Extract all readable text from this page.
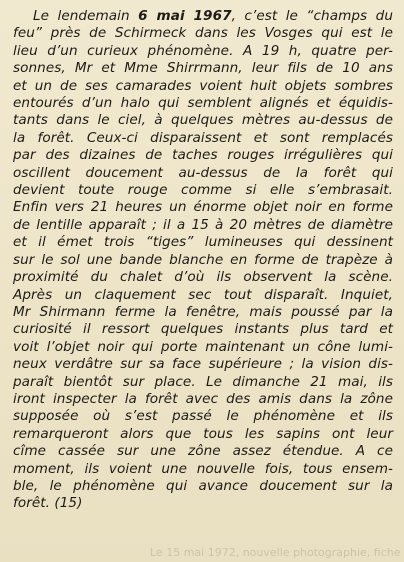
Le lendemain 6 mai 1967, c’est le “champs du
feu” près de Schirmeck dans les Vosges qui est le
lieu d’un curieux phénomène. A 19 h, quatre per-
sonnes, Mr et Mme Shirrmann, leur fils de 10 ans
et un de ses camarades voient huit objets sombres
entourés d’un halo qui semblent alignés et équidis-
tants dans le ciel, à quelques mètres au-dessus de
la forêt. Ceux-ci disparaissent et sont remplacés
par des dizaines de taches rouges irrégulières qui
oscillent doucement au-dessus de la forêt qui
devient toute rouge comme si elle s’embrasait.
Enfin vers 21 heures un énorme objet noir en forme
de lentille apparaît ; il a 15 à 20 mètres de diamètre
et il émet trois “tiges” lumineuses qui dessinent
sur le sol une bande blanche en forme de trapèze à
proximité du chalet d’où ils observent la scène.
Après un claquement sec tout disparaît. Inquiet,
Mr Shirmann ferme la fenêtre, mais poussé par la
curiosité il ressort quelques instants plus tard et
voit l’objet noir qui porte maintenant un cône lumi-
neux verdâtre sur sa face supérieure ; la vision dis-
paraît bientôt sur place. Le dimanche 21 mai, ils
iront inspecter la forêt avec des amis dans la zône
supposée où s’est passé le phénomène et ils
remarqueront alors que tous les sapins ont leur
cîme cassée sur une zône assez étendue. A ce
moment, ils voient une nouvelle fois, tous ensem-
ble, le phénomène qui avance doucement sur la
forêt. (15)
Le 15 mai 1972, nouvelle photographie, fiche
